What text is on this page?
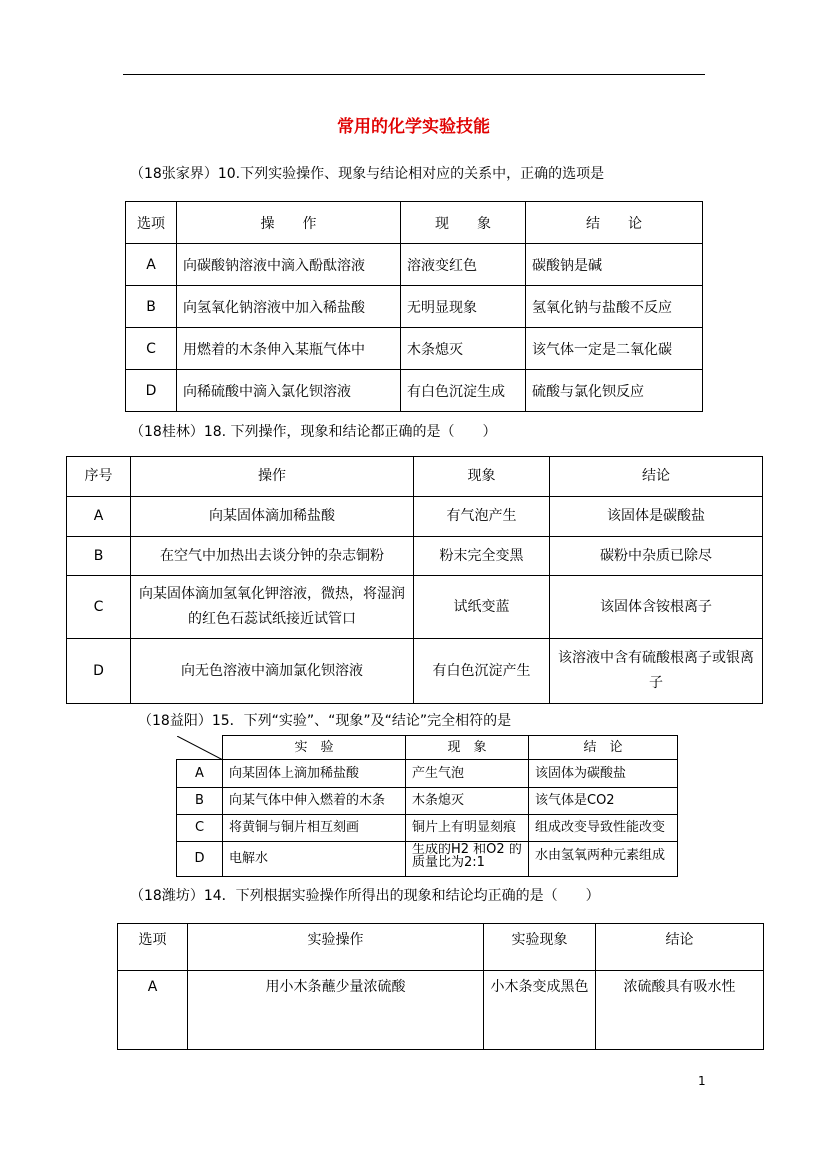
常用的化学实验技能
（18张家界）10.下列实验操作、现象与结论相对应的关系中，正确的选项是
选项	操　　作	现　　象	结　　论
A	向碳酸钠溶液中滴入酚酞溶液	溶液变红色	碳酸钠是碱
B	向氢氧化钠溶液中加入稀盐酸	无明显现象	氢氧化钠与盐酸不反应
C	用燃着的木条伸入某瓶气体中	木条熄灭	该气体一定是二氧化碳
D	向稀硫酸中滴入氯化钡溶液	有白色沉淀生成	硫酸与氯化钡反应
（18桂林）18. 下列操作，现象和结论都正确的是（　　）
序号	操作	现象	结论
A	向某固体滴加稀盐酸	有气泡产生	该固体是碳酸盐
B	在空气中加热出去谈分钟的杂志铜粉	粉末完全变黑	碳粉中杂质已除尽
C	向某固体滴加氢氧化钾溶液，微热，将湿润的红色石蕊试纸接近试管口	试纸变蓝	该固体含铵根离子
D	向无色溶液中滴加氯化钡溶液	有白色沉淀产生	该溶液中含有硫酸根离子或银离子
（18益阳）15．下列“实验”、“现象”及“结论”完全相符的是
	实　验	现　象	结　论
A	向某固体上滴加稀盐酸	产生气泡	该固体为碳酸盐
B	向某气体中伸入燃着的木条	木条熄灭	该气体是CO2
C	将黄铜与铜片相互刻画	铜片上有明显刻痕	组成改变导致性能改变
D	电解水	生成的H2 和O2 的质量比为2:1	水由氢氧两种元素组成
（18潍坊）14．下列根据实验操作所得出的现象和结论均正确的是（　　）
选项	实验操作	实验现象	结论
A	用小木条蘸少量浓硫酸	小木条变成黑色	浓硫酸具有吸水性
1
